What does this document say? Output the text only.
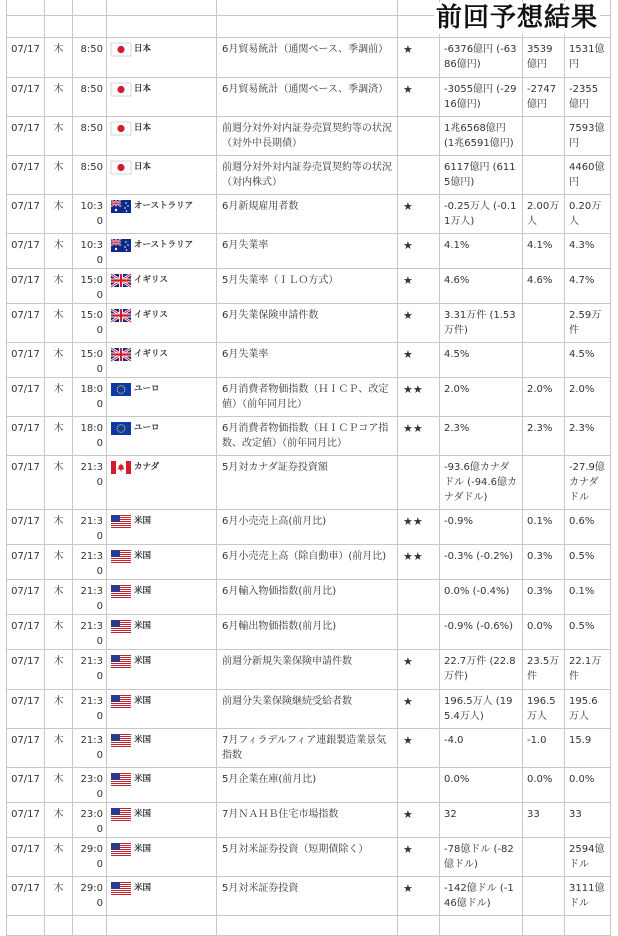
前回予想結果

07/17	木	8:50	日本	6月貿易統計（通関ベース、季調前）	★	-6376億円 (-6386億円)	3539億円	1531億円
07/17	木	8:50	日本	6月貿易統計（通関ベース、季調済）	★	-3055億円 (-2916億円)	-2747億円	-2355億円
07/17	木	8:50	日本	前週分対外対内証券売買契約等の状況（対外中長期債）		1兆6568億円 (1兆6591億円)		7593億円
07/17	木	8:50	日本	前週分対外対内証券売買契約等の状況（対内株式）		6117億円 (6115億円)		4460億円
07/17	木	10:30	オーストラリア	6月新規雇用者数	★	-0.25万人 (-0.11万人)	2.00万人	0.20万人
07/17	木	10:30	オーストラリア	6月失業率	★	4.1%	4.1%	4.3%
07/17	木	15:00	イギリス	5月失業率（ＩＬＯ方式）	★	4.6%	4.6%	4.7%
07/17	木	15:00	イギリス	6月失業保険申請件数	★	3.31万件 (1.53万件)		2.59万件
07/17	木	15:00	イギリス	6月失業率	★	4.5%		4.5%
07/17	木	18:00	ユーロ	6月消費者物価指数（ＨＩＣＰ、改定値）（前年同月比）	★★	2.0%	2.0%	2.0%
07/17	木	18:00	ユーロ	6月消費者物価指数（ＨＩＣＰコア指数、改定値）（前年同月比）	★★	2.3%	2.3%	2.3%
07/17	木	21:30	カナダ	5月対カナダ証券投資額		-93.6億カナダドル (-94.6億カナダドル)		-27.9億カナダドル
07/17	木	21:30	米国	6月小売売上高(前月比)	★★	-0.9%	0.1%	0.6%
07/17	木	21:30	米国	6月小売売上高（除自動車）(前月比)	★★	-0.3% (-0.2%)	0.3%	0.5%
07/17	木	21:30	米国	6月輸入物価指数(前月比)		0.0% (-0.4%)	0.3%	0.1%
07/17	木	21:30	米国	6月輸出物価指数(前月比)		-0.9% (-0.6%)	0.0%	0.5%
07/17	木	21:30	米国	前週分新規失業保険申請件数	★	22.7万件 (22.8万件)	23.5万件	22.1万件
07/17	木	21:30	米国	前週分失業保険継続受給者数	★	196.5万人 (195.4万人)	196.5万人	195.6万人
07/17	木	21:30	米国	7月フィラデルフィア連銀製造業景気指数	★	-4.0	-1.0	15.9
07/17	木	23:00	米国	5月企業在庫(前月比)		0.0%	0.0%	0.0%
07/17	木	23:00	米国	7月ＮＡＨＢ住宅市場指数	★	32	33	33
07/17	木	29:00	米国	5月対米証券投資（短期債除く）	★	-78億ドル (-82億ドル)		2594億ドル
07/17	木	29:00	米国	5月対米証券投資	★	-142億ドル (-146億ドル)		3111億ドル
